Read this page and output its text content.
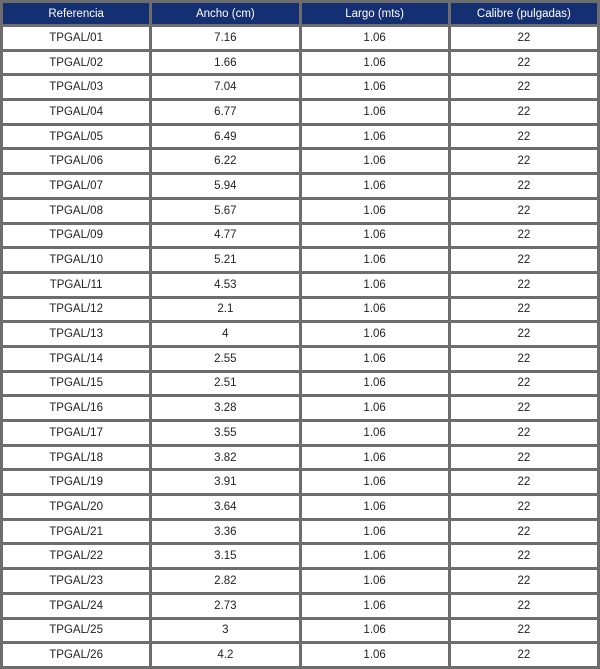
Referencia	Ancho (cm)	Largo (mts)	Calibre (pulgadas)
TPGAL/01	7.16	1.06	22
TPGAL/02	1.66	1.06	22
TPGAL/03	7.04	1.06	22
TPGAL/04	6.77	1.06	22
TPGAL/05	6.49	1.06	22
TPGAL/06	6.22	1.06	22
TPGAL/07	5.94	1.06	22
TPGAL/08	5.67	1.06	22
TPGAL/09	4.77	1.06	22
TPGAL/10	5.21	1.06	22
TPGAL/11	4.53	1.06	22
TPGAL/12	2.1	1.06	22
TPGAL/13	4	1.06	22
TPGAL/14	2.55	1.06	22
TPGAL/15	2.51	1.06	22
TPGAL/16	3.28	1.06	22
TPGAL/17	3.55	1.06	22
TPGAL/18	3.82	1.06	22
TPGAL/19	3.91	1.06	22
TPGAL/20	3.64	1.06	22
TPGAL/21	3.36	1.06	22
TPGAL/22	3.15	1.06	22
TPGAL/23	2.82	1.06	22
TPGAL/24	2.73	1.06	22
TPGAL/25	3	1.06	22
TPGAL/26	4.2	1.06	22
